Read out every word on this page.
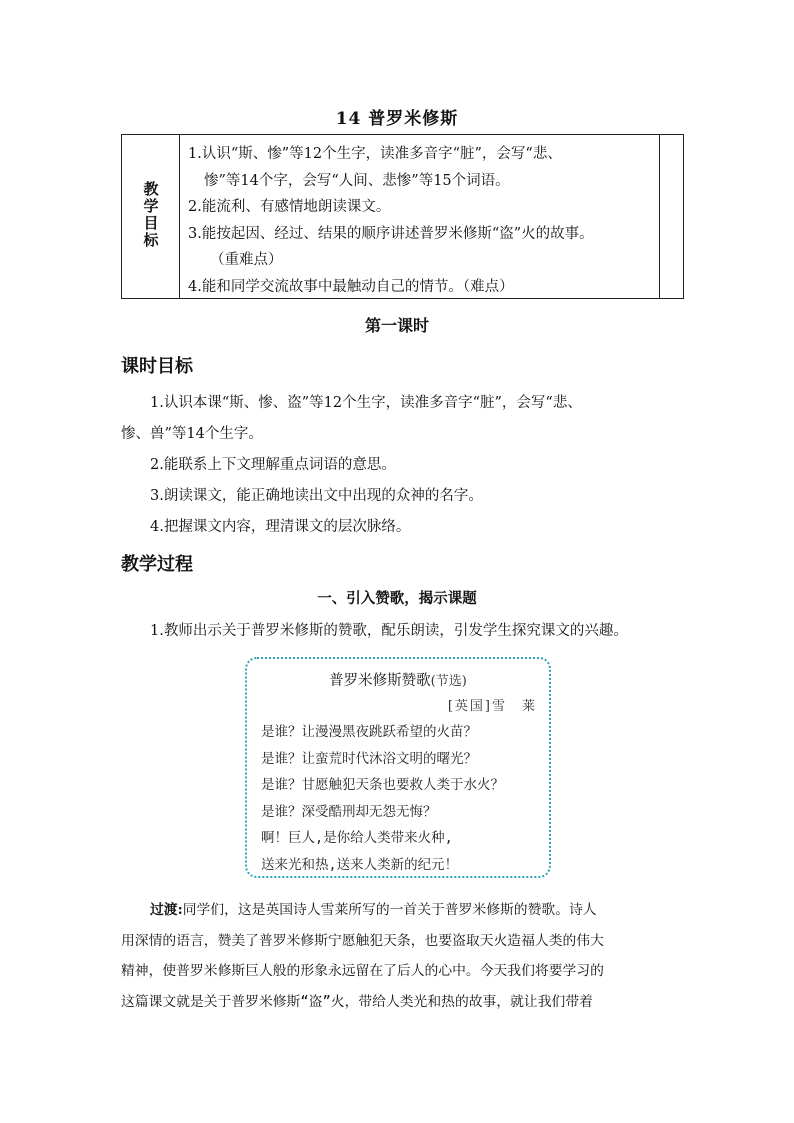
14 普罗米修斯
教
学
目
标
1.认识“斯、惨”等12个生字，读准多音字“脏”，会写“悲、
惨”等14个字，会写“人间、悲惨”等15个词语。
2.能流利、有感情地朗读课文。
3.能按起因、经过、结果的顺序讲述普罗米修斯“盗”火的故事。
（重难点）
4.能和同学交流故事中最触动自己的情节。（难点）
第一课时
课时目标
1.认识本课“斯、惨、盗”等12个生字，读准多音字“脏”，会写“悲、
惨、兽”等14个生字。
2.能联系上下文理解重点词语的意思。
3.朗读课文，能正确地读出文中出现的众神的名字。
4.把握课文内容，理清课文的层次脉络。
教学过程
一、引入赞歌，揭示课题
1.教师出示关于普罗米修斯的赞歌，配乐朗读，引发学生探究课文的兴趣。
普罗米修斯赞歌(节选)
[英国]雪　莱
是谁？让漫漫黑夜跳跃希望的火苗？
是谁？让蛮荒时代沐浴文明的曙光？
是谁？甘愿触犯天条也要救人类于水火？
是谁？深受酷刑却无怨无悔？
啊！巨人,是你给人类带来火种,
送来光和热,送来人类新的纪元！
过渡:同学们，这是英国诗人雪莱所写的一首关于普罗米修斯的赞歌。诗人
用深情的语言，赞美了普罗米修斯宁愿触犯天条，也要盗取天火造福人类的伟大
精神，使普罗米修斯巨人般的形象永远留在了后人的心中。今天我们将要学习的
这篇课文就是关于普罗米修斯“盗”火，带给人类光和热的故事，就让我们带着
